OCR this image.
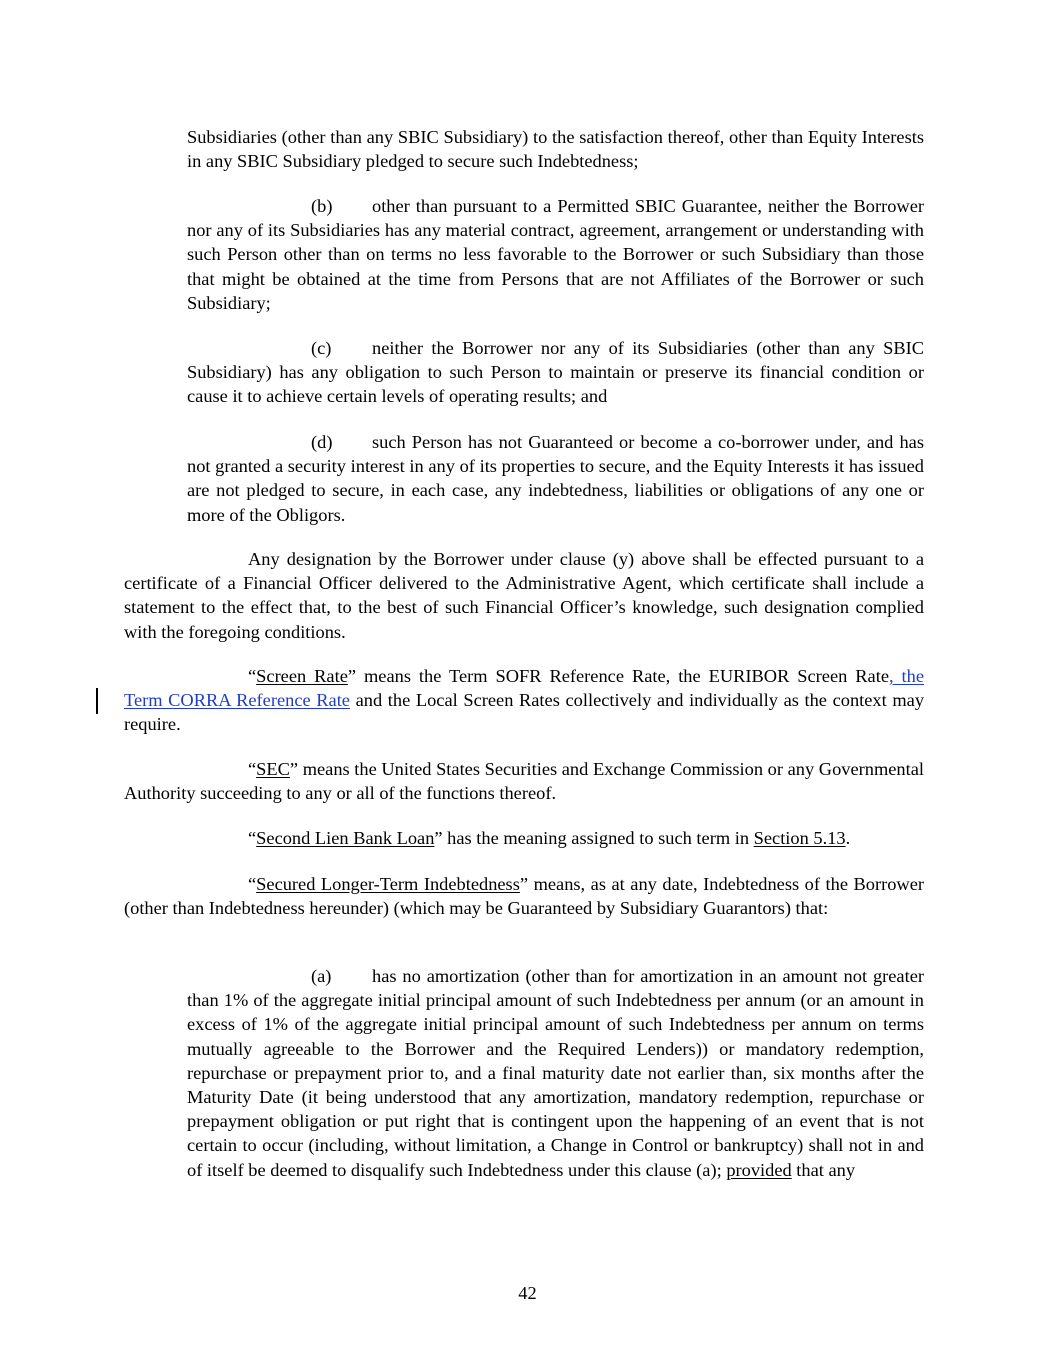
Subsidiaries (other than any SBIC Subsidiary) to the satisfaction thereof, other than Equity Interests in any SBIC Subsidiary pledged to secure such Indebtedness;

(b) other than pursuant to a Permitted SBIC Guarantee, neither the Borrower nor any of its Subsidiaries has any material contract, agreement, arrangement or understanding with such Person other than on terms no less favorable to the Borrower or such Subsidiary than those that might be obtained at the time from Persons that are not Affiliates of the Borrower or such Subsidiary;

(c) neither the Borrower nor any of its Subsidiaries (other than any SBIC Subsidiary) has any obligation to such Person to maintain or preserve its financial condition or cause it to achieve certain levels of operating results; and

(d) such Person has not Guaranteed or become a co-borrower under, and has not granted a security interest in any of its properties to secure, and the Equity Interests it has issued are not pledged to secure, in each case, any indebtedness, liabilities or obligations of any one or more of the Obligors.

Any designation by the Borrower under clause (y) above shall be effected pursuant to a certificate of a Financial Officer delivered to the Administrative Agent, which certificate shall include a statement to the effect that, to the best of such Financial Officer’s knowledge, such designation complied with the foregoing conditions.

“Screen Rate” means the Term SOFR Reference Rate, the EURIBOR Screen Rate, the Term CORRA Reference Rate and the Local Screen Rates collectively and individually as the context may require.

“SEC” means the United States Securities and Exchange Commission or any Governmental Authority succeeding to any or all of the functions thereof.

“Second Lien Bank Loan” has the meaning assigned to such term in Section 5.13.

“Secured Longer-Term Indebtedness” means, as at any date, Indebtedness of the Borrower (other than Indebtedness hereunder) (which may be Guaranteed by Subsidiary Guarantors) that:

(a) has no amortization (other than for amortization in an amount not greater than 1% of the aggregate initial principal amount of such Indebtedness per annum (or an amount in excess of 1% of the aggregate initial principal amount of such Indebtedness per annum on terms mutually agreeable to the Borrower and the Required Lenders)) or mandatory redemption, repurchase or prepayment prior to, and a final maturity date not earlier than, six months after the Maturity Date (it being understood that any amortization, mandatory redemption, repurchase or prepayment obligation or put right that is contingent upon the happening of an event that is not certain to occur (including, without limitation, a Change in Control or bankruptcy) shall not in and of itself be deemed to disqualify such Indebtedness under this clause (a); provided that any

42
